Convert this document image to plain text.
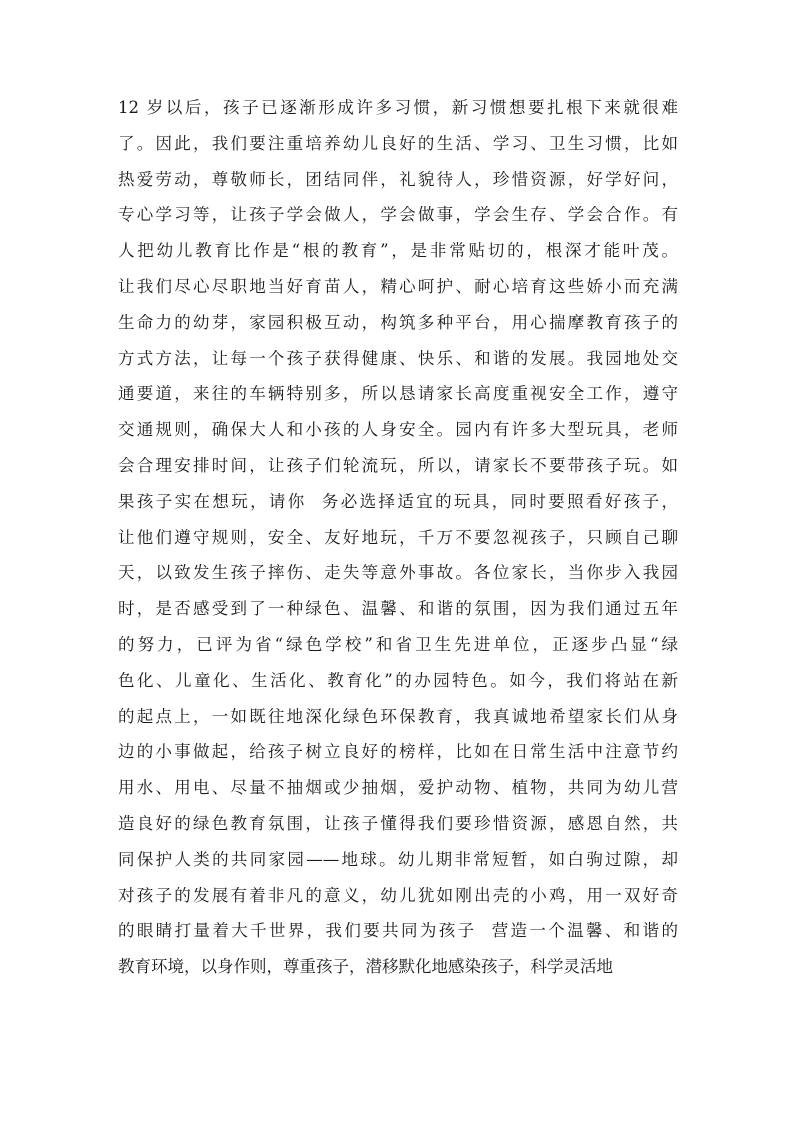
12 岁以后，孩子已逐渐形成许多习惯，新习惯想要扎根下来就很难
了。因此，我们要注重培养幼儿良好的生活、学习、卫生习惯，比如
热爱劳动，尊敬师长，团结同伴，礼貌待人，珍惜资源，好学好问，
专心学习等，让孩子学会做人，学会做事，学会生存、学会合作。有
人把幼儿教育比作是“根的教育”，是非常贴切的，根深才能叶茂。
让我们尽心尽职地当好育苗人，精心呵护、耐心培育这些娇小而充满
生命力的幼芽，家园积极互动，构筑多种平台，用心揣摩教育孩子的
方式方法，让每一个孩子获得健康、快乐、和谐的发展。我园地处交
通要道，来往的车辆特别多，所以恳请家长高度重视安全工作，遵守
交通规则，确保大人和小孩的人身安全。园内有许多大型玩具，老师
会合理安排时间，让孩子们轮流玩，所以，请家长不要带孩子玩。如
果孩子实在想玩，请你  务必选择适宜的玩具，同时要照看好孩子，
让他们遵守规则，安全、友好地玩，千万不要忽视孩子，只顾自己聊
天，以致发生孩子摔伤、走失等意外事故。各位家长，当你步入我园
时，是否感受到了一种绿色、温馨、和谐的氛围，因为我们通过五年
的努力，已评为省“绿色学校”和省卫生先进单位，正逐步凸显“绿
色化、儿童化、生活化、教育化”的办园特色。如今，我们将站在新
的起点上，一如既往地深化绿色环保教育，我真诚地希望家长们从身
边的小事做起，给孩子树立良好的榜样，比如在日常生活中注意节约
用水、用电、尽量不抽烟或少抽烟，爱护动物、植物，共同为幼儿营
造良好的绿色教育氛围，让孩子懂得我们要珍惜资源，感恩自然，共
同保护人类的共同家园——地球。幼儿期非常短暂，如白驹过隙，却
对孩子的发展有着非凡的意义，幼儿犹如刚出壳的小鸡，用一双好奇
的眼睛打量着大千世界，我们要共同为孩子  营造一个温馨、和谐的
教育环境，以身作则，尊重孩子，潜移默化地感染孩子，科学灵活地
